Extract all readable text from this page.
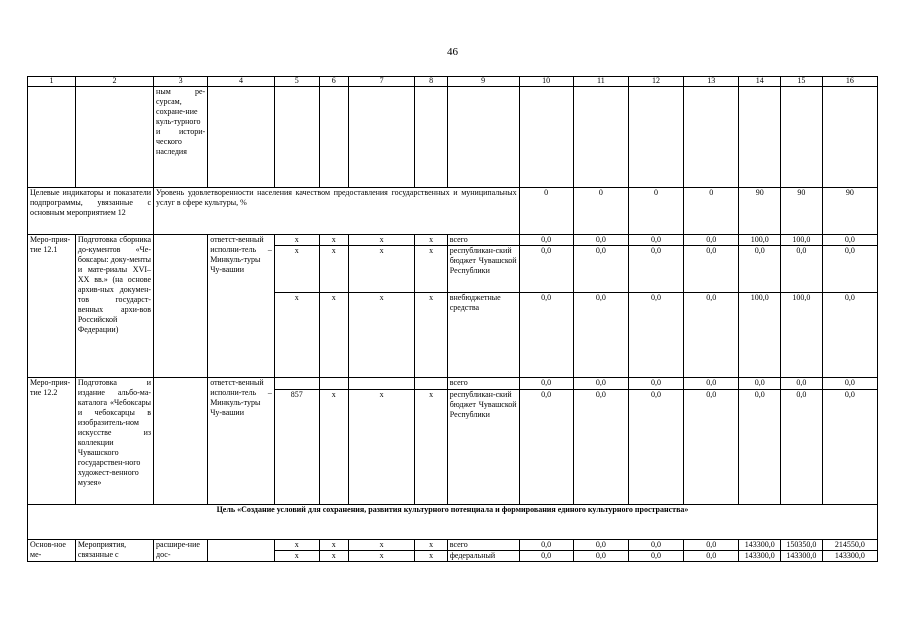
46
1	2	3	4	5	6	7	8	9	10	11	12	13	14	15	16
		ным ре-сурсам, сохране-ние куль-турного и истори-ческого наследия													
Целевые индикаторы и показатели подпрограммы, увязанные с основным мероприятием 12		Уровень удовлетворенности населения качеством предоставления государственных и муниципальных услуг в сфере культуры, %							0	0	0	0	90	90	90
Меро-прия-тие 12.1	Подготовка сборника до-кументов «Че-боксары: доку-менты и мате-риалы XVI–XX вв.» (на основе архив-ных докумен-тов государст-венных архи-вов Российской Федерации)		ответст-венный исполни-тель – Минкуль-туры Чу-вашии	x	x	x	x	всего	0,0	0,0	0,0	0,0	100,0	100,0	0,0
				x	x	x	x	республикан-ский бюджет Чувашской Республики	0,0	0,0	0,0	0,0	0,0	0,0	0,0
				x	x	x	x	внебюджетные средства	0,0	0,0	0,0	0,0	100,0	100,0	0,0
Меро-прия-тие 12.2	Подготовка и издание альбо-ма-каталога «Чебоксары и чебоксарцы в изобразитель-ном искусстве из коллекции Чувашского государствен-ного художест-венного музея»		ответст-венный исполни-тель – Минкуль-туры Чу-вашии					всего	0,0	0,0	0,0	0,0	0,0	0,0	0,0
				857	x	x	x	республикан-ский бюджет Чувашской Республики	0,0	0,0	0,0	0,0	0,0	0,0	0,0
Цель «Создание условий для сохранения, развития культурного потенциала и формирования единого культурного пространства»															
Основ-ное ме-	Мероприятия, связанные с	расшире-ние дос-		x	x	x	x	всего	0,0	0,0	0,0	0,0	143300,0	150350,0	214550,0
				x	x	x	x	федеральный	0,0	0,0	0,0	0,0	143300,0	143300,0	143300,0
